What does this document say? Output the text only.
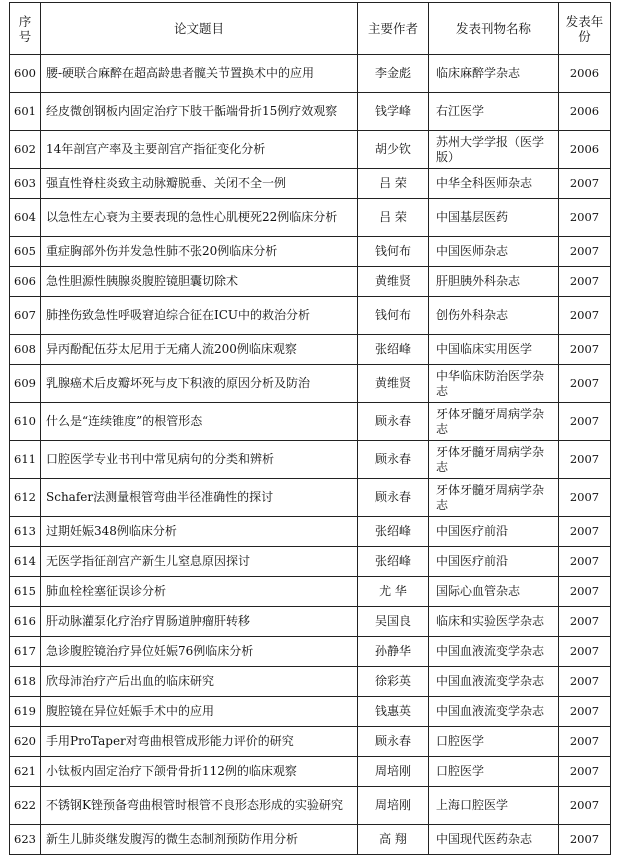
序号	论文题目	主要作者	发表刊物名称	发表年份
600	腰-硬联合麻醉在超高龄患者髋关节置换术中的应用	李金彪	临床麻醉学杂志	2006
601	经皮微创钢板内固定治疗下肢干骺端骨折15例疗效观察	钱学峰	右江医学	2006
602	14年剖宫产率及主要剖宫产指征变化分析	胡少钦	苏州大学学报（医学版）	2006
603	强直性脊柱炎致主动脉瓣脱垂、关闭不全一例	吕 荣	中华全科医师杂志	2007
604	以急性左心衰为主要表现的急性心肌梗死22例临床分析	吕 荣	中国基层医药	2007
605	重症胸部外伤并发急性肺不张20例临床分析	钱何布	中国医师杂志	2007
606	急性胆源性胰腺炎腹腔镜胆囊切除术	黄维贤	肝胆胰外科杂志	2007
607	肺挫伤致急性呼吸窘迫综合征在ICU中的救治分析	钱何布	创伤外科杂志	2007
608	异丙酚配伍芬太尼用于无痛人流200例临床观察	张绍峰	中国临床实用医学	2007
609	乳腺癌术后皮瓣坏死与皮下积液的原因分析及防治	黄维贤	中华临床防治医学杂志	2007
610	什么是“连续锥度”的根管形态	顾永春	牙体牙髓牙周病学杂志	2007
611	口腔医学专业书刊中常见病句的分类和辨析	顾永春	牙体牙髓牙周病学杂志	2007
612	Schafer法测量根管弯曲半径准确性的探讨	顾永春	牙体牙髓牙周病学杂志	2007
613	过期妊娠348例临床分析	张绍峰	中国医疗前沿	2007
614	无医学指征剖宫产新生儿窒息原因探讨	张绍峰	中国医疗前沿	2007
615	肺血栓栓塞征误诊分析	尤 华	国际心血管杂志	2007
616	肝动脉灌泵化疗治疗胃肠道肿瘤肝转移	吴国良	临床和实验医学杂志	2007
617	急诊腹腔镜治疗异位妊娠76例临床分析	孙静华	中国血液流变学杂志	2007
618	欣母沛治疗产后出血的临床研究	徐彩英	中国血液流变学杂志	2007
619	腹腔镜在异位妊娠手术中的应用	钱惠英	中国血液流变学杂志	2007
620	手用ProTaper对弯曲根管成形能力评价的研究	顾永春	口腔医学	2007
621	小钛板内固定治疗下颌骨骨折112例的临床观察	周培刚	口腔医学	2007
622	不锈钢K锉预备弯曲根管时根管不良形态形成的实验研究	周培刚	上海口腔医学	2007
623	新生儿肺炎继发腹泻的微生态制剂预防作用分析	高 翔	中国现代医药杂志	2007
